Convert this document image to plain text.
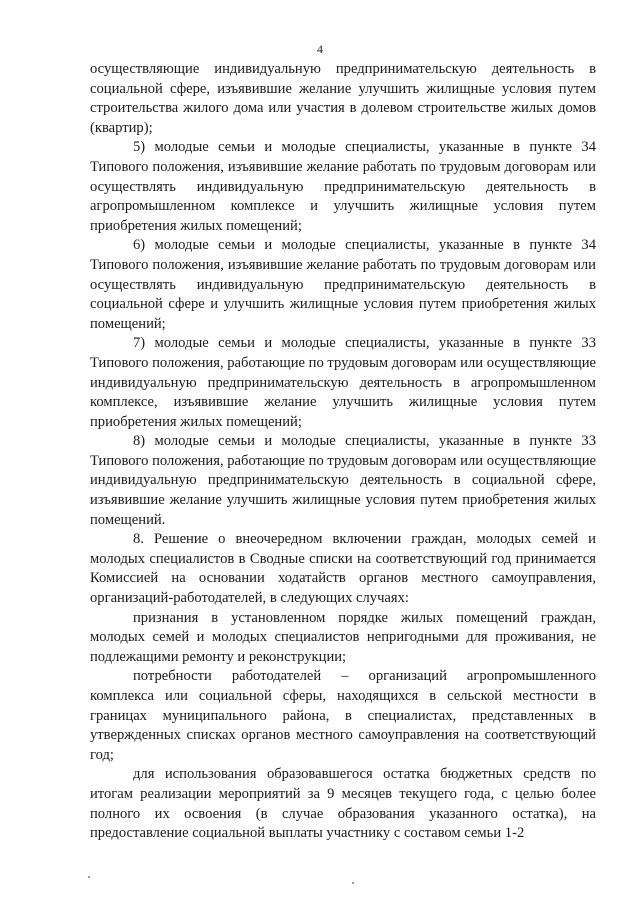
4

осуществляющие индивидуальную предпринимательскую деятельность в социальной сфере, изъявившие желание улучшить жилищные условия путем строительства жилого дома или участия в долевом строительстве жилых домов (квартир);

5) молодые семьи и молодые специалисты, указанные в пункте 34 Типового положения, изъявившие желание работать по трудовым договорам или осуществлять индивидуальную предпринимательскую деятельность в агропромышленном комплексе и улучшить жилищные условия путем приобретения жилых помещений;

6) молодые семьи и молодые специалисты, указанные в пункте 34 Типового положения, изъявившие желание работать по трудовым договорам или осуществлять индивидуальную предпринимательскую деятельность в социальной сфере и улучшить жилищные условия путем приобретения жилых помещений;

7) молодые семьи и молодые специалисты, указанные в пункте 33 Типового положения, работающие по трудовым договорам или осуществляющие индивидуальную предпринимательскую деятельность в агропромышленном комплексе, изъявившие желание улучшить жилищные условия путем приобретения жилых помещений;

8) молодые семьи и молодые специалисты, указанные в пункте 33 Типового положения, работающие по трудовым договорам или осуществляющие индивидуальную предпринимательскую деятельность в социальной сфере, изъявившие желание улучшить жилищные условия путем приобретения жилых помещений.

8. Решение о внеочередном включении граждан, молодых семей и молодых специалистов в Сводные списки на соответствующий год принимается Комиссией на основании ходатайств органов местного самоуправления, организаций-работодателей, в следующих случаях:

признания в установленном порядке жилых помещений граждан, молодых семей и молодых специалистов непригодными для проживания, не подлежащими ремонту и реконструкции;

потребности работодателей – организаций агропромышленного комплекса или социальной сферы, находящихся в сельской местности в границах муниципального района, в специалистах, представленных в утвержденных списках органов местного самоуправления на соответствующий год;

для использования образовавшегося остатка бюджетных средств по итогам реализации мероприятий за 9 месяцев текущего года, с целью более полного их освоения (в случае образования указанного остатка), на предоставление социальной выплаты участнику с составом семьи 1-2
